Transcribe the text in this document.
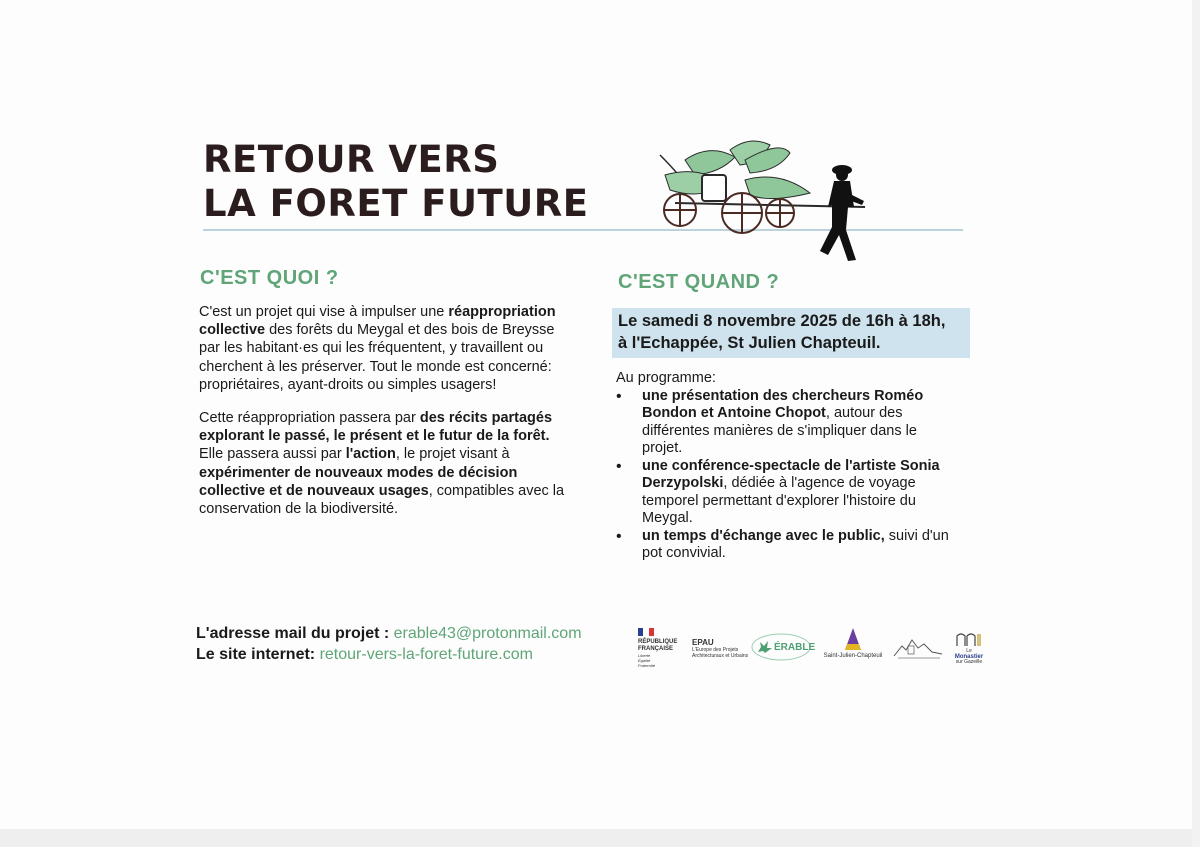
RETOUR VERS
LA FORET FUTURE
C'EST QUOI ?

C'est un projet qui vise à impulser une réappropriation collective des forêts du Meygal et des bois de Breysse par les habitant·es qui les fréquentent, y travaillent ou cherchent à les préserver. Tout le monde est concerné: propriétaires, ayant-droits ou simples usagers!

Cette réappropriation passera par des récits partagés explorant le passé, le présent et le futur de la forêt. Elle passera aussi par l'action, le projet visant à expérimenter de nouveaux modes de décision collective et de nouveaux usages, compatibles avec la conservation de la biodiversité.

C'EST QUAND ?
Le samedi 8 novembre 2025 de 16h à 18h,
à l'Echappée, St Julien Chapteuil.

Au programme:

• une présentation des chercheurs Roméo Bondon et Antoine Chopot, autour des différentes manières de s'impliquer dans le projet.
• une conférence-spectacle de l'artiste Sonia Derzypolski, dédiée à l'agence de voyage temporel permettant d'explorer l'histoire du Meygal.
• un temps d'échange avec le public, suivi d'un pot convivial.
L'adresse mail du projet : erable43@protonmail.com
Le site internet: retour-vers-la-foret-future.com
RÉPUBLIQUE
FRANÇAISE
Liberté
Égalité
Fraternité
EPAU
L'Europe des Projets
Architecturaux et Urbains
ÉRABLE
Saint-Julien-Chapteuil
Le
Monastier
sur Gazeille
